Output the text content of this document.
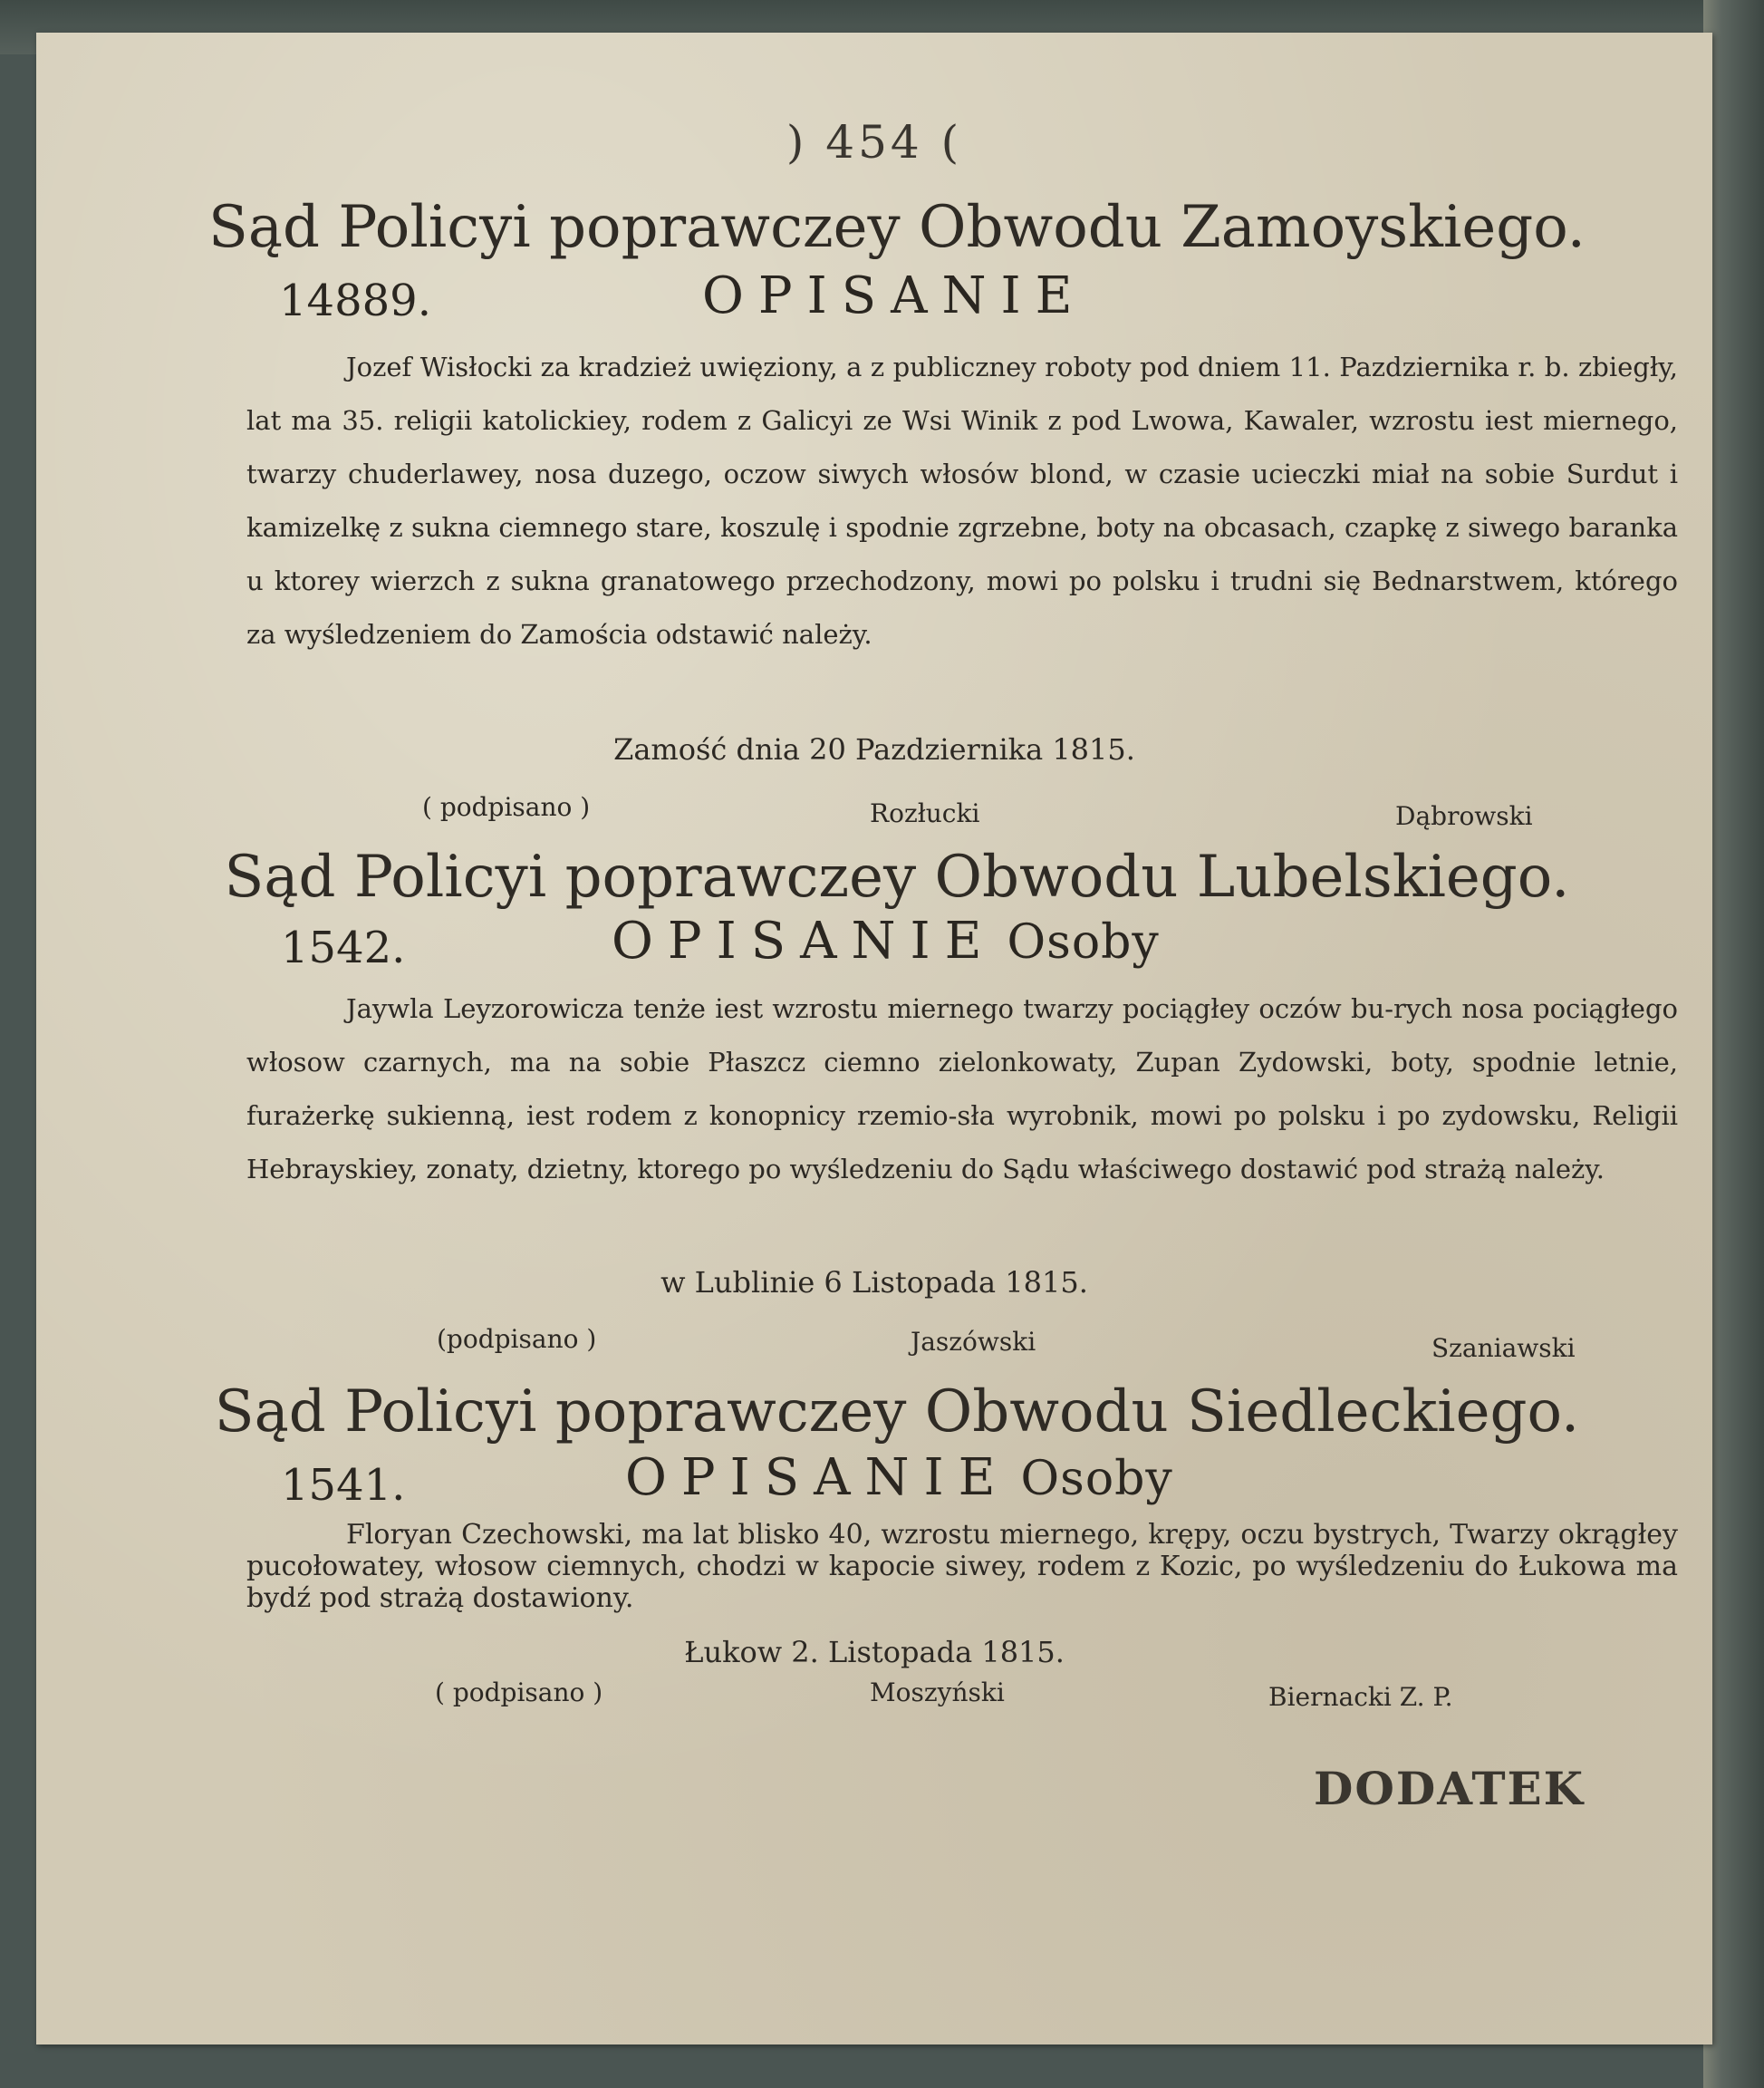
) 454 (
Sąd Policyi poprawczey Obwodu Zamoyskiego.
14889.	OPISANIE
Jozef Wisłocki za kradzież uwięziony, a z publiczney roboty pod dniem 11. Pazdziernika r. b. zbiegły, lat ma 35. religii katolickiey, rodem z Galicyi ze Wsi Winik z pod Lwowa, Kawaler, wzrostu iest miernego, twarzy chuderlawey, nosa duzego, oczow siwych włosów blond, w czasie ucieczki miał na sobie Surdut i kamizelkę z sukna ciemnego stare, koszulę i spodnie zgrzebne, boty na obcasach, czapkę z siwego baranka u ktorey wierzch z sukna granatowego przechodzony, mowi po polsku i trudni się Bednarstwem, którego za wyśledzeniem do Zamościa odstawić należy.
Zamość dnia 20 Pazdziernika 1815.
( podpisano )	Rozłucki	Dąbrowski
Sąd Policyi poprawczey Obwodu Lubelskiego.
1542.	OPISANIE Osoby
Jaywla Leyzorowicza tenże iest wzrostu miernego twarzy pociągłey oczów bu-rych nosa pociągłego włosow czarnych, ma na sobie Płaszcz ciemno zielonkowaty, Zupan Zydowski, boty, spodnie letnie, furażerkę sukienną, iest rodem z konopnicy rzemio-sła wyrobnik, mowi po polsku i po zydowsku, Religii Hebrayskiey, zonaty, dzietny, ktorego po wyśledzeniu do Sądu właściwego dostawić pod strażą należy.
w Lublinie 6 Listopada 1815.
(podpisano )	Jaszówski	Szaniawski
Sąd Policyi poprawczey Obwodu Siedleckiego.
1541.	OPISANIE Osoby
Floryan Czechowski, ma lat blisko 40, wzrostu miernego, krępy, oczu bystrych, Twarzy okrągłey pucołowatey, włosow ciemnych, chodzi w kapocie siwey, rodem z Kozic, po wyśledzeniu do Łukowa ma bydź pod strażą dostawiony.
Łukow 2. Listopada 1815.
( podpisano )	Moszyński	Biernacki Z. P.
DODATEK
